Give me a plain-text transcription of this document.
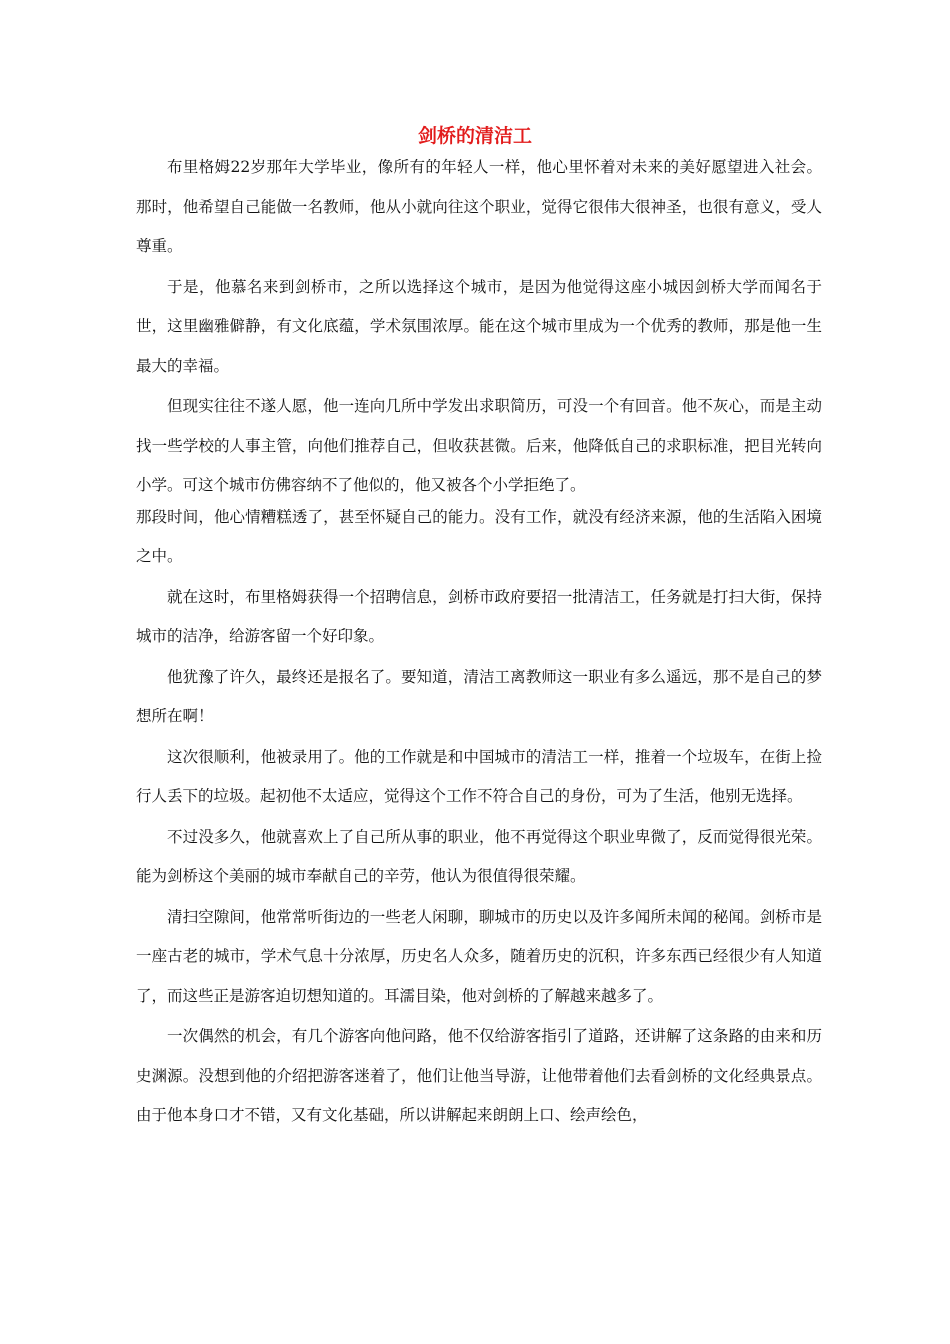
剑桥的清洁工

布里格姆22岁那年大学毕业，像所有的年轻人一样，他心里怀着对未来的美好愿望进入社会。那时，他希望自己能做一名教师，他从小就向往这个职业，觉得它很伟大很神圣，也很有意义，受人尊重。

于是，他慕名来到剑桥市，之所以选择这个城市，是因为他觉得这座小城因剑桥大学而闻名于世，这里幽雅僻静，有文化底蕴，学术氛围浓厚。能在这个城市里成为一个优秀的教师，那是他一生最大的幸福。

但现实往往不遂人愿，他一连向几所中学发出求职简历，可没一个有回音。他不灰心，而是主动找一些学校的人事主管，向他们推荐自己，但收获甚微。后来，他降低自己的求职标准，把目光转向小学。可这个城市仿佛容纳不了他似的，他又被各个小学拒绝了。

那段时间，他心情糟糕透了，甚至怀疑自己的能力。没有工作，就没有经济来源，他的生活陷入困境之中。

就在这时，布里格姆获得一个招聘信息，剑桥市政府要招一批清洁工，任务就是打扫大街，保持城市的洁净，给游客留一个好印象。

他犹豫了许久，最终还是报名了。要知道，清洁工离教师这一职业有多么遥远，那不是自己的梦想所在啊！

这次很顺利，他被录用了。他的工作就是和中国城市的清洁工一样，推着一个垃圾车，在街上捡行人丢下的垃圾。起初他不太适应，觉得这个工作不符合自己的身份，可为了生活，他别无选择。

不过没多久，他就喜欢上了自己所从事的职业，他不再觉得这个职业卑微了，反而觉得很光荣。能为剑桥这个美丽的城市奉献自己的辛劳，他认为很值得很荣耀。

清扫空隙间，他常常听街边的一些老人闲聊，聊城市的历史以及许多闻所未闻的秘闻。剑桥市是一座古老的城市，学术气息十分浓厚，历史名人众多，随着历史的沉积，许多东西已经很少有人知道了，而这些正是游客迫切想知道的。耳濡目染，他对剑桥的了解越来越多了。

一次偶然的机会，有几个游客向他问路，他不仅给游客指引了道路，还讲解了这条路的由来和历史渊源。没想到他的介绍把游客迷着了，他们让他当导游，让他带着他们去看剑桥的文化经典景点。由于他本身口才不错，又有文化基础，所以讲解起来朗朗上口、绘声绘色，
